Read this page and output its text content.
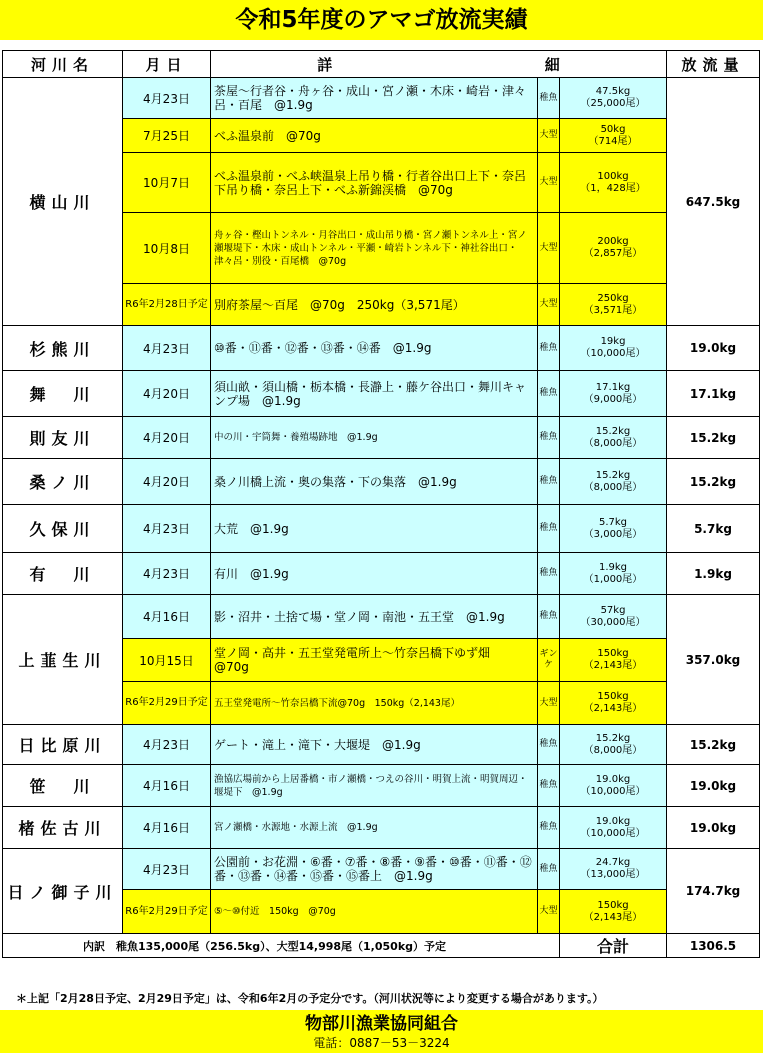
令和5年度のアマゴ放流実績
河川名	月日	詳 細			放流量
横山川	4月23日	茶屋～行者谷・舟ヶ谷・成山・宮ノ瀬・木床・崎岩・津々呂・百尾　@1.9g	稚魚	47.5kg
（25,000尾）	647.5kg
	7月25日	べふ温泉前　@70g	大型	50kg
（714尾）	

	10月7日	べふ温泉前・べふ峡温泉上吊り橋・行者谷出口上下・奈呂下吊り橋・奈呂上下・べふ新錦渓橋　@70g	大型	100kg
（1，428尾）	

	10月8日	舟ヶ谷・樫山トンネル・月谷出口・成山吊り橋・宮ノ瀬トンネル上・宮ノ瀬堰堤下・木床・成山トンネル・平瀬・崎岩トンネル下・神社谷出口・津々呂・別役・百尾橋　@70g	大型	200kg
（2,857尾）	

	R6年2月28日予定	別府茶屋～百尾　@70g　250kg（3,571尾）	大型	250kg
（3,571尾）	

杉熊川	4月23日	⑩番・⑪番・⑫番・⑬番・⑭番　@1.9g	稚魚	19kg
（10,000尾）	19.0kg
舞　川	4月20日	須山畝・須山橋・栃本橋・長瀞上・藤ケ谷出口・舞川キャンプ場　@1.9g	稚魚	17.1kg
（9,000尾）	17.1kg
則友川	4月20日	中の川・宇筒舞・養殖場跡地　@1.9g	稚魚	15.2kg
（8,000尾）	15.2kg
桑ノ川	4月20日	桑ノ川橋上流・奥の集落・下の集落　@1.9g	稚魚	15.2kg
（8,000尾）	15.2kg
久保川	4月23日	大荒　@1.9g	稚魚	5.7kg
（3,000尾）	5.7kg
有　川	4月23日	有川　@1.9g	稚魚	1.9kg
（1,000尾）	1.9kg
上韮生川	4月16日	影・沼井・土捨て場・堂ノ岡・南池・五王堂　@1.9g	稚魚	57kg
（30,000尾）	357.0kg
	10月15日	堂ノ岡・高井・五王堂発電所上～竹奈呂橋下ゆず畑　@70g	ギンケ	150kg
（2,143尾）	

	R6年2月29日予定	五王堂発電所～竹奈呂橋下流@70g　150kg（2,143尾）	大型	150kg
（2,143尾）	

日比原川	4月23日	ゲート・滝上・滝下・大堰堤　@1.9g	稚魚	15.2kg
（8,000尾）	15.2kg
笹　川	4月16日	漁協広場前から上居番橋・市ノ瀬橋・つえの谷川・明賀上流・明賀周辺・堰堤下　@1.9g	稚魚	19.0kg
（10,000尾）	19.0kg
楮佐古川	4月16日	宮ノ瀬橋・水源地・水源上流　@1.9g	稚魚	19.0kg
（10,000尾）	19.0kg
日ノ御子川	4月23日	公園前・お花淵・⑥番・⑦番・⑧番・⑨番・⑩番・⑪番・⑫番・⑬番・⑭番・⑮番・⑮番上　@1.9g	稚魚	24.7kg
（13,000尾）	174.7kg
	R6年2月29日予定	⑤～⑩付近　150kg　@70g	大型	150kg
（2,143尾）	

内訳　稚魚135,000尾（256.5kg）、大型14,998尾（1,050kg）予定				合計	1306.5
＊上記「2月28日予定、2月29日予定」は、令和6年2月の予定分です。（河川状況等により変更する場合があります。）
物部川漁業協同組合
電話：0887－53－3224
